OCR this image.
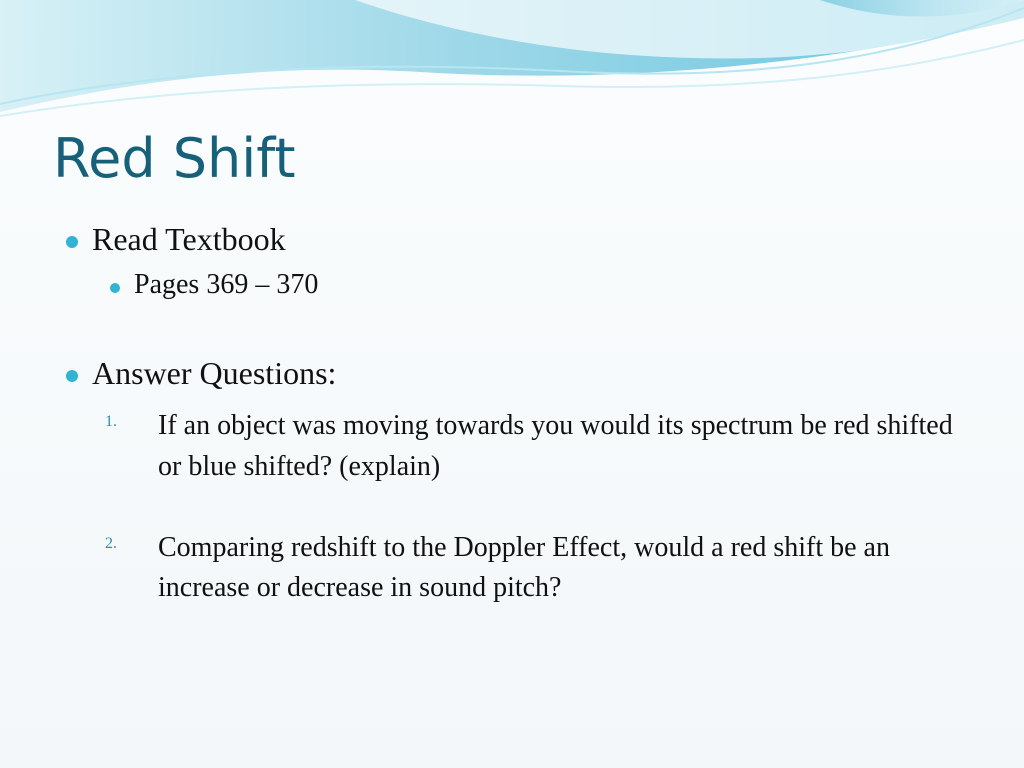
Red Shift
Read Textbook
Pages 369 – 370
Answer Questions:
1. If an object was moving towards you would its spectrum be red shifted or blue shifted? (explain)
2. Comparing redshift to the Doppler Effect, would a red shift be an increase or decrease in sound pitch?
